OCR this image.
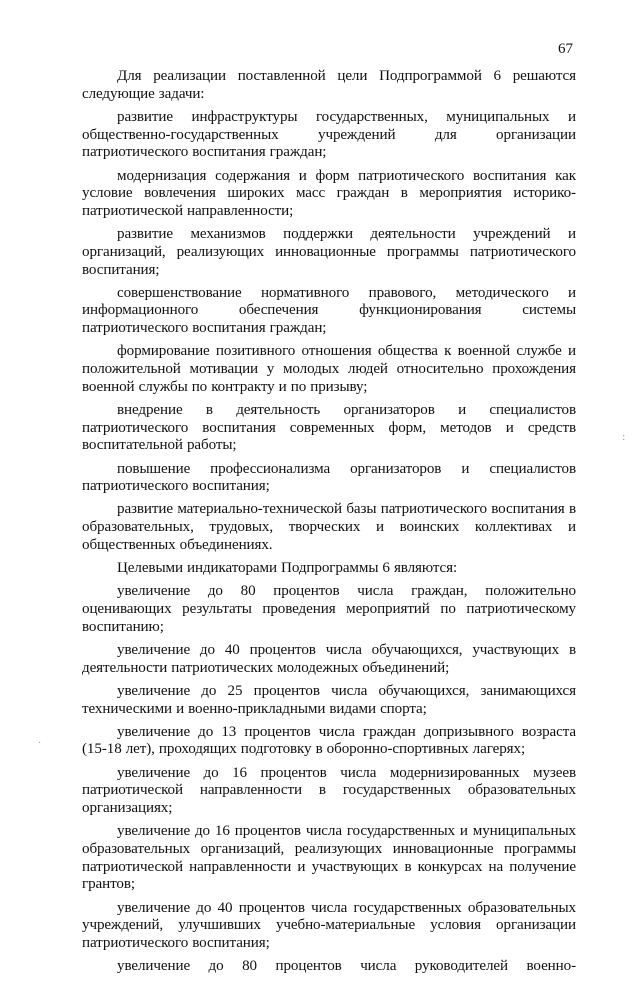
67

Для реализации поставленной цели Подпрограммой 6 решаются следующие задачи:

развитие инфраструктуры государственных, муниципальных и общественно-государственных учреждений для организации патриотического воспитания граждан;

модернизация содержания и форм патриотического воспитания как условие вовлечения широких масс граждан в мероприятия историко-патриотической направленности;

развитие механизмов поддержки деятельности учреждений и организаций, реализующих инновационные программы патриотического воспитания;

совершенствование нормативного правового, методического и информационного обеспечения функционирования системы патриотического воспитания граждан;

формирование позитивного отношения общества к военной службе и положительной мотивации у молодых людей относительно прохождения военной службы по контракту и по призыву;

внедрение в деятельность организаторов и специалистов патриотического воспитания современных форм, методов и средств воспитательной работы;

повышение профессионализма организаторов и специалистов патриотического воспитания;

развитие материально-технической базы патриотического воспитания в образовательных, трудовых, творческих и воинских коллективах и общественных объединениях.

Целевыми индикаторами Подпрограммы 6 являются:

увеличение до 80 процентов числа граждан, положительно оценивающих результаты проведения мероприятий по патриотическому воспитанию;

увеличение до 40 процентов числа обучающихся, участвующих в деятельности патриотических молодежных объединений;

увеличение до 25 процентов числа обучающихся, занимающихся техническими и военно-прикладными видами спорта;

увеличение до 13 процентов числа граждан допризывного возраста (15-18 лет), проходящих подготовку в оборонно-спортивных лагерях;

увеличение до 16 процентов числа модернизированных музеев патриотической направленности в государственных образовательных организациях;

увеличение до 16 процентов числа государственных и муниципальных образовательных организаций, реализующих инновационные программы патриотической направленности и участвующих в конкурсах на получение грантов;

увеличение до 40 процентов числа государственных образовательных учреждений, улучшивших учебно-материальные условия организации патриотического воспитания;

увеличение до 80 процентов числа руководителей военно-

:
·
